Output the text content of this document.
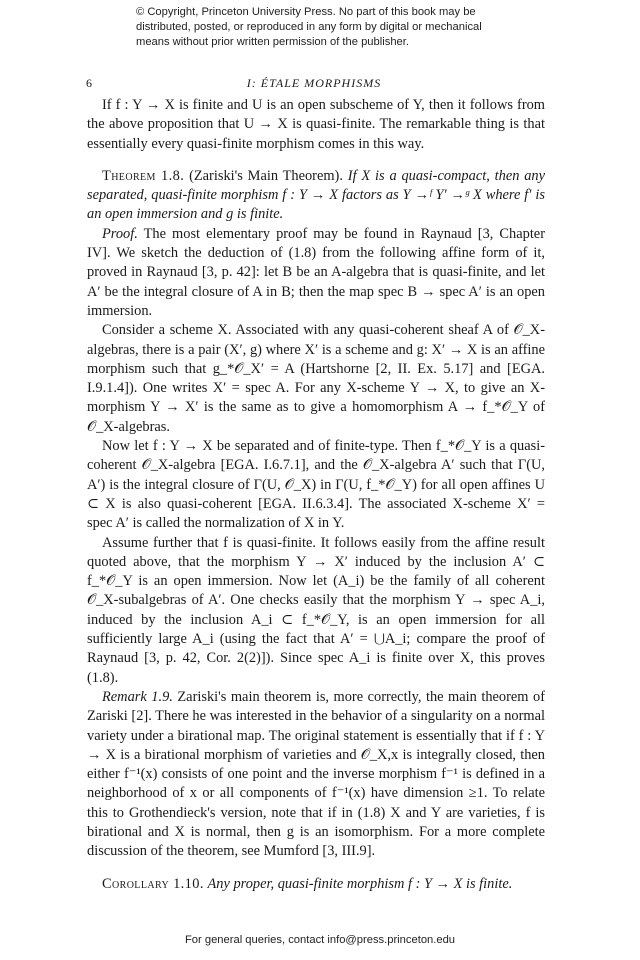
© Copyright, Princeton University Press. No part of this book may be
distributed, posted, or reproduced in any form by digital or mechanical
means without prior written permission of the publisher.
6	I: ÉTALE MORPHISMS

If f : Y → X is finite and U is an open subscheme of Y, then it follows from the above proposition that U → X is quasi-finite. The remarkable thing is that essentially every quasi-finite morphism comes in this way.

Theorem 1.8. (Zariski's Main Theorem). If X is a quasi-compact, then any separated, quasi-finite morphism f : Y → X factors as Y →ᶠ Y′ →ᵍ X where f′ is an open immersion and g is finite.

Proof. The most elementary proof may be found in Raynaud [3, Chapter IV]. We sketch the deduction of (1.8) from the following affine form of it, proved in Raynaud [3, p. 42]: let B be an A-algebra that is quasi-finite, and let A′ be the integral closure of A in B; then the map spec B → spec A′ is an open immersion.

Consider a scheme X. Associated with any quasi-coherent sheaf A of 𝒪_X-algebras, there is a pair (X′, g) where X′ is a scheme and g: X′ → X is an affine morphism such that g_*𝒪_X′ = A (Hartshorne [2, II. Ex. 5.17] and [EGA. I.9.1.4]). One writes X′ = spec A. For any X-scheme Y → X, to give an X-morphism Y → X′ is the same as to give a homomorphism A → f_*𝒪_Y of 𝒪_X-algebras.

Now let f : Y → X be separated and of finite-type. Then f_*𝒪_Y is a quasi-coherent 𝒪_X-algebra [EGA. I.6.7.1], and the 𝒪_X-algebra A′ such that Γ(U, A′) is the integral closure of Γ(U, 𝒪_X) in Γ(U, f_*𝒪_Y) for all open affines U ⊂ X is also quasi-coherent [EGA. II.6.3.4]. The associated X-scheme X′ = spec A′ is called the normalization of X in Y.

Assume further that f is quasi-finite. It follows easily from the affine result quoted above, that the morphism Y → X′ induced by the inclusion A′ ⊂ f_*𝒪_Y is an open immersion. Now let (A_i) be the family of all coherent 𝒪_X-subalgebras of A′. One checks easily that the morphism Y → spec A_i, induced by the inclusion A_i ⊂ f_*𝒪_Y, is an open immersion for all sufficiently large A_i (using the fact that A′ = ⋃A_i; compare the proof of Raynaud [3, p. 42, Cor. 2(2)]). Since spec A_i is finite over X, this proves (1.8).

Remark 1.9. Zariski's main theorem is, more correctly, the main theorem of Zariski [2]. There he was interested in the behavior of a singularity on a normal variety under a birational map. The original statement is essentially that if f : Y → X is a birational morphism of varieties and 𝒪_X,x is integrally closed, then either f⁻¹(x) consists of one point and the inverse morphism f⁻¹ is defined in a neighborhood of x or all components of f⁻¹(x) have dimension ≥1. To relate this to Grothendieck's version, note that if in (1.8) X and Y are varieties, f is birational and X is normal, then g is an isomorphism. For a more complete discussion of the theorem, see Mumford [3, III.9].

Corollary 1.10. Any proper, quasi-finite morphism f : Y → X is finite.

For general queries, contact info@press.princeton.edu
